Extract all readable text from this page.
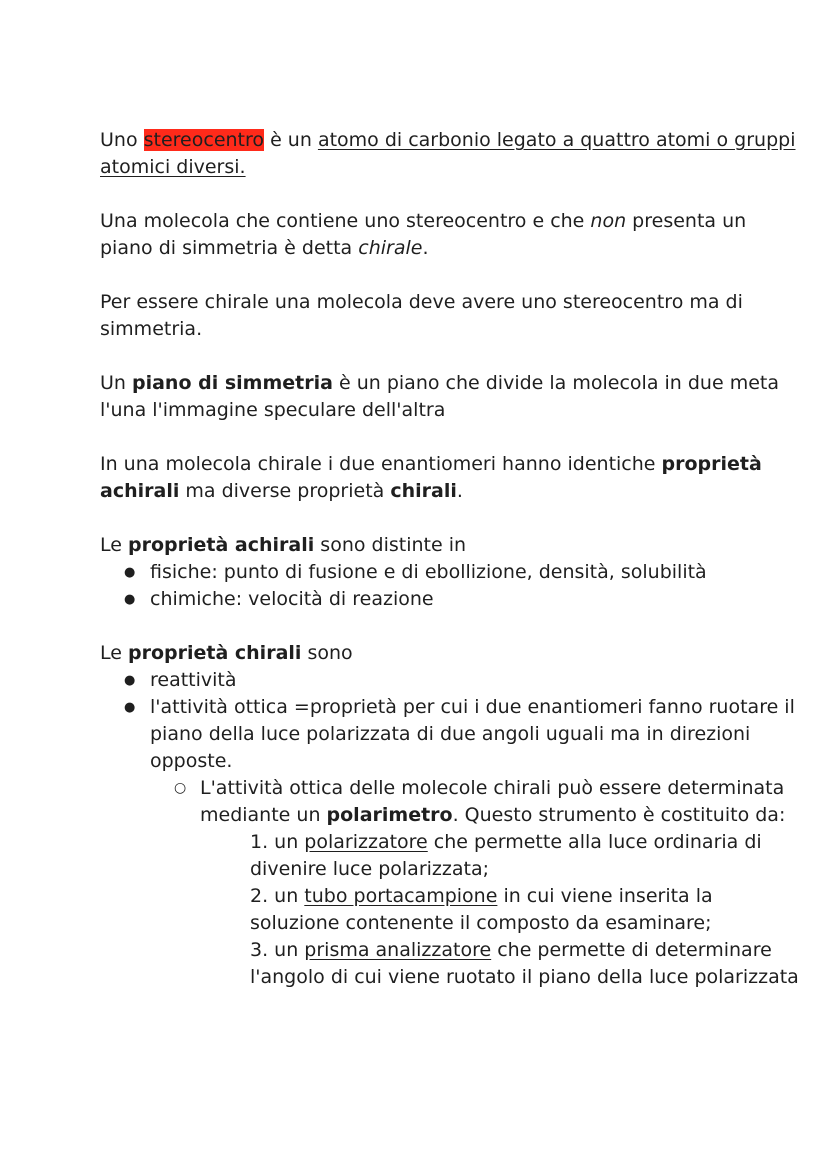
Uno stereocentro è un atomo di carbonio legato a quattro atomi o gruppi atomici diversi.

Una molecola che contiene uno stereocentro e che non presenta un piano di simmetria è detta chirale.

Per essere chirale una molecola deve avere uno stereocentro ma di simmetria.

Un piano di simmetria è un piano che divide la molecola in due meta l'una l'immagine speculare dell'altra

In una molecola chirale i due enantiomeri hanno identiche proprietà achirali ma diverse proprietà chirali.

Le proprietà achirali sono distinte in

● fisiche: punto di fusione e di ebollizione, densità, solubilità
● chimiche: velocità di reazione

Le proprietà chirali sono

● reattività
● l'attività ottica =proprietà per cui i due enantiomeri fanno ruotare il piano della luce polarizzata di due angoli uguali ma in direzioni opposte.
○ L'attività ottica delle molecole chirali può essere determinata mediante un polarimetro. Questo strumento è costituito da:

1. un polarizzatore che permette alla luce ordinaria di divenire luce polarizzata;

2. un tubo portacampione in cui viene inserita la soluzione contenente il composto da esaminare;

3. un prisma analizzatore che permette di determinare l'angolo di cui viene ruotato il piano della luce polarizzata
